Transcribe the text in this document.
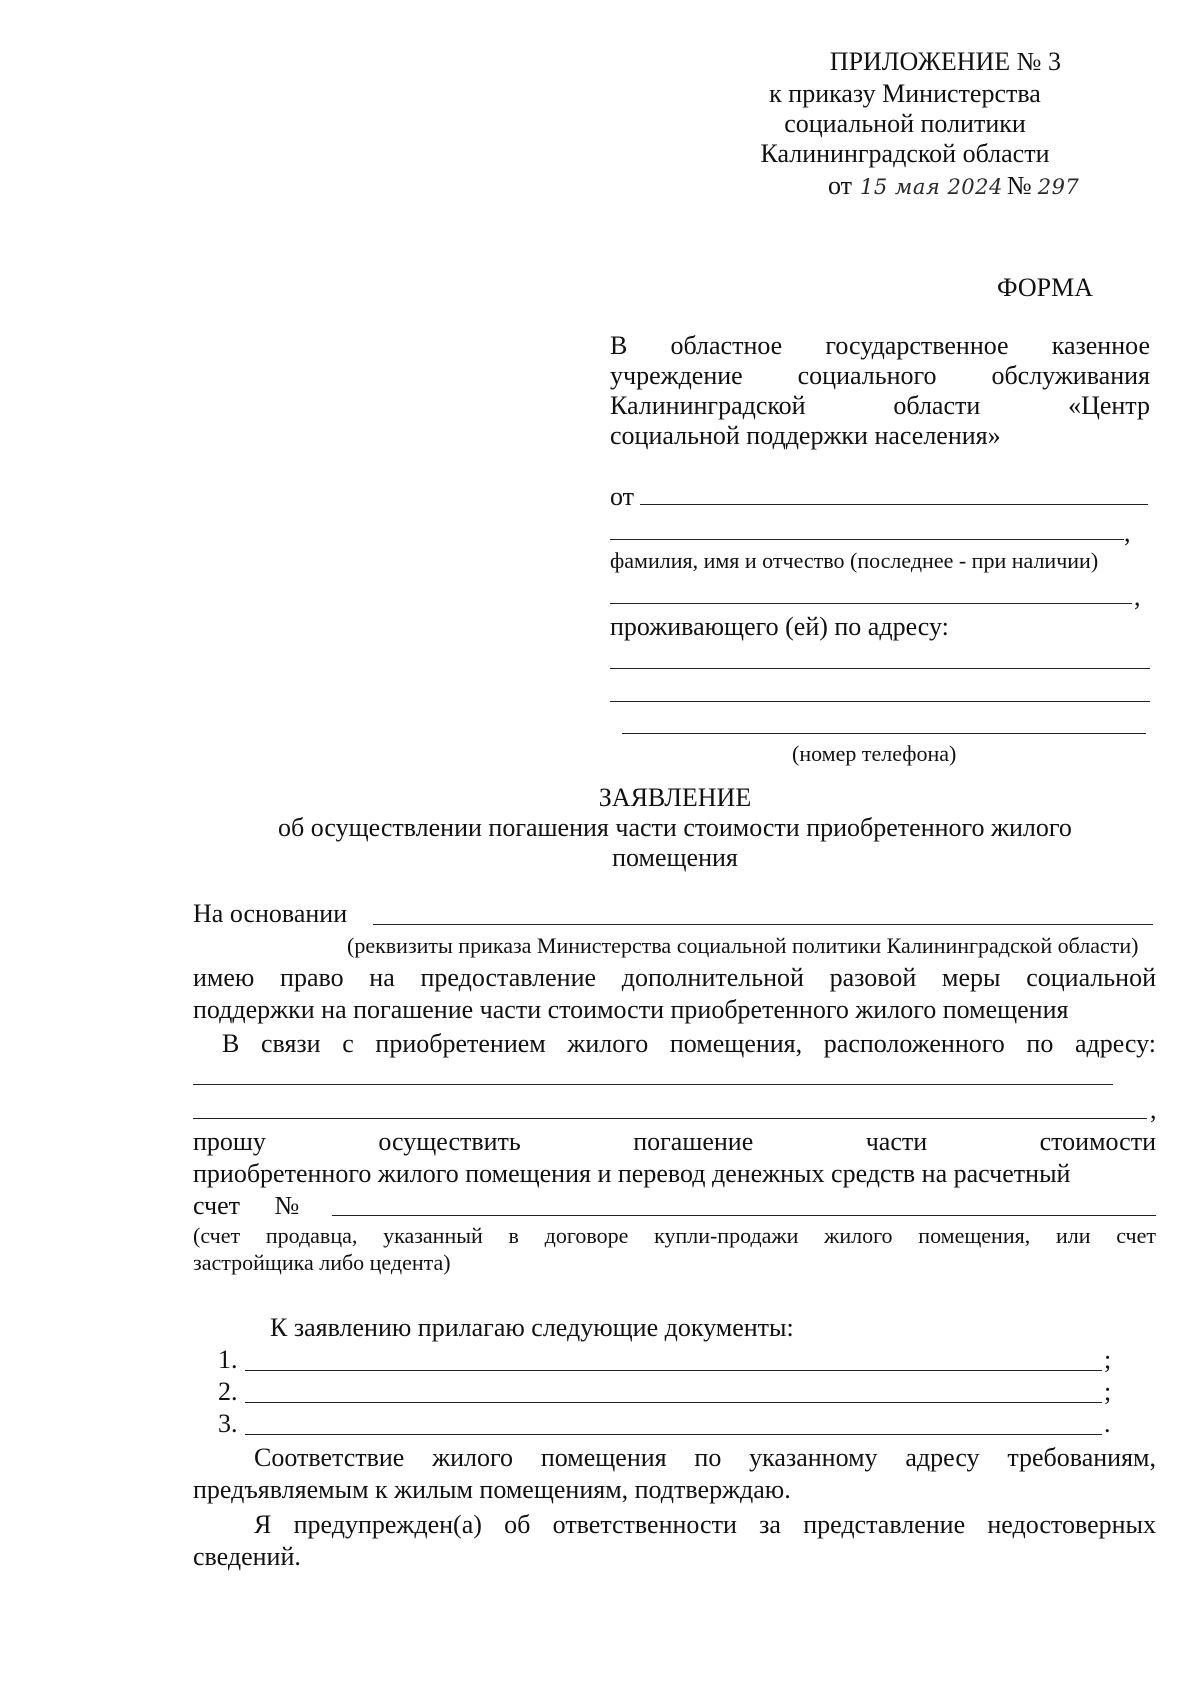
ПРИЛОЖЕНИЕ № 3
к приказу Министерства
социальной политики
Калининградской области
от 15 мая 2024 № 297
ФОРМА
В областное государственное казенное
учреждение социального обслуживания
Калининградской	области	«Центр
социальной поддержки населения»
от
,
фамилия, имя и отчество (последнее - при наличии)
,
проживающего (ей) по адресу:
(номер телефона)
ЗАЯВЛЕНИЕ
об осуществлении погашения части стоимости приобретенного жилого
помещения
На основании
(реквизиты приказа Министерства социальной политики Калининградской области)
имею право на предоставление дополнительной разовой меры социальной
поддержки на погашение части стоимости приобретенного жилого помещения
В связи с приобретением жилого помещения, расположенного по адресу:
,
прошу	осуществить	погашение	части	стоимости
приобретенного жилого помещения и перевод денежных средств на расчетный
счет №
(счет продавца, указанный в договоре купли-продажи жилого помещения, или счет
застройщика либо цедента)
К заявлению прилагаю следующие документы:
1.	;
2.	;
3.	.
Соответствие жилого помещения по указанному адресу требованиям,
предъявляемым к жилым помещениям, подтверждаю.
Я предупрежден(а) об ответственности за представление недостоверных
сведений.
